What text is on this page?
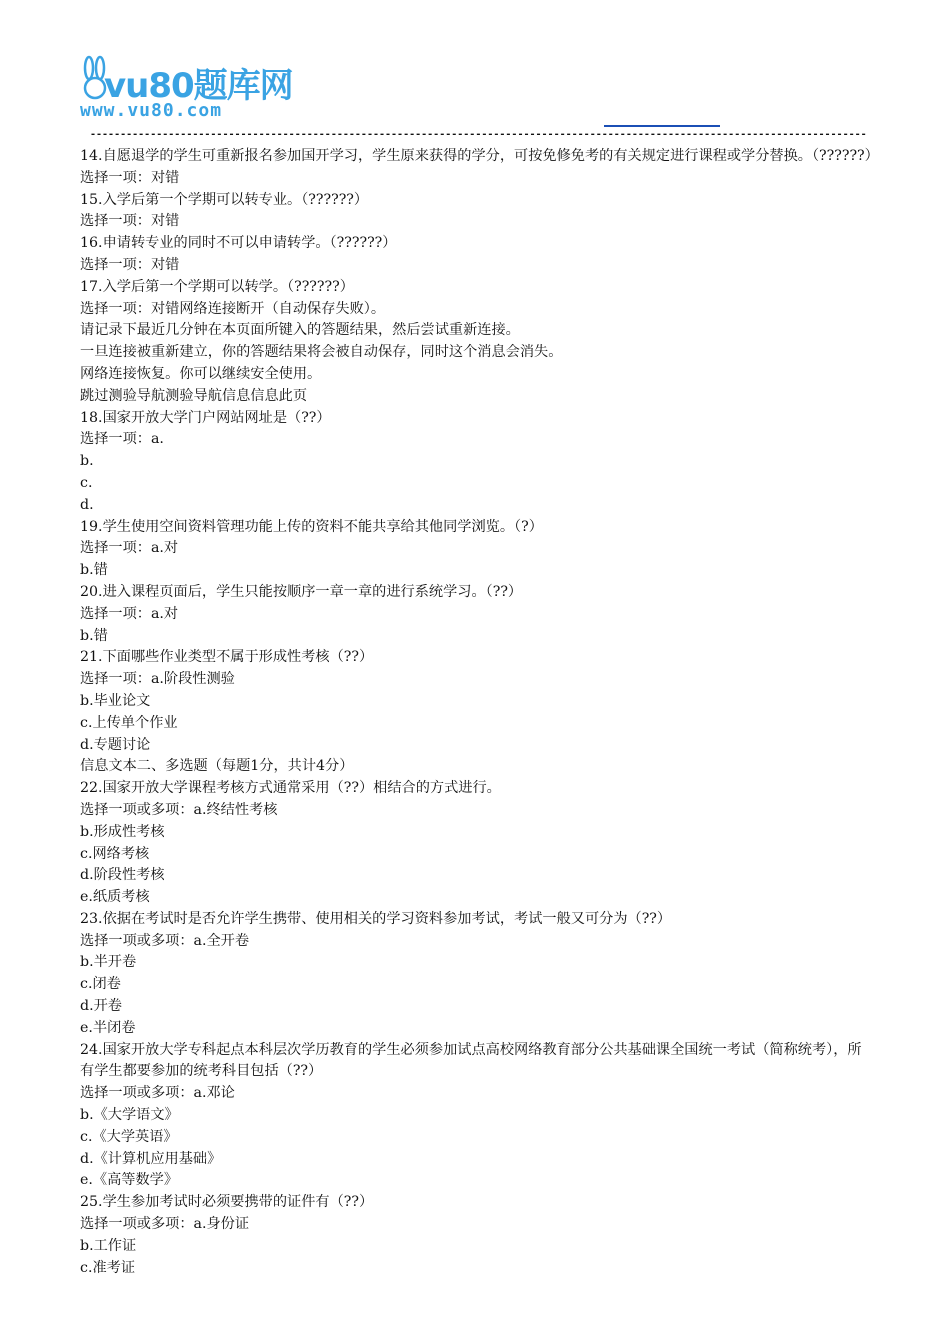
vu80题库网
www.vu80.com
---------------------------------------------------------------------------------------------------------------------------------
14.自愿退学的学生可重新报名参加国开学习，学生原来获得的学分，可按免修免考的有关规定进行课程或学分替换。（??????）
选择一项：对错
15.入学后第一个学期可以转专业。（??????）
选择一项：对错
16.申请转专业的同时不可以申请转学。（??????）
选择一项：对错
17.入学后第一个学期可以转学。（??????）
选择一项：对错网络连接断开（自动保存失败）。
请记录下最近几分钟在本页面所键入的答题结果，然后尝试重新连接。
一旦连接被重新建立，你的答题结果将会被自动保存，同时这个消息会消失。
网络连接恢复。你可以继续安全使用。
跳过测验导航测验导航信息信息此页
18.国家开放大学门户网站网址是（??）
选择一项：a.
b.
c.
d.
19.学生使用空间资料管理功能上传的资料不能共享给其他同学浏览。（?）
选择一项：a.对
b.错
20.进入课程页面后，学生只能按顺序一章一章的进行系统学习。（??）
选择一项：a.对
b.错
21.下面哪些作业类型不属于形成性考核（??）
选择一项：a.阶段性测验
b.毕业论文
c.上传单个作业
d.专题讨论
信息文本二、多选题（每题1分，共计4分）
22.国家开放大学课程考核方式通常采用（??）相结合的方式进行。
选择一项或多项：a.终结性考核
b.形成性考核
c.网络考核
d.阶段性考核
e.纸质考核
23.依据在考试时是否允许学生携带、使用相关的学习资料参加考试，考试一般又可分为（??）
选择一项或多项：a.全开卷
b.半开卷
c.闭卷
d.开卷
e.半闭卷
24.国家开放大学专科起点本科层次学历教育的学生必须参加试点高校网络教育部分公共基础课全国统一考试（简称统考），所有学生都要参加的统考科目包括（??）
选择一项或多项：a.邓论
b.《大学语文》
c.《大学英语》
d.《计算机应用基础》
e.《高等数学》
25.学生参加考试时必须要携带的证件有（??）
选择一项或多项：a.身份证
b.工作证
c.准考证
